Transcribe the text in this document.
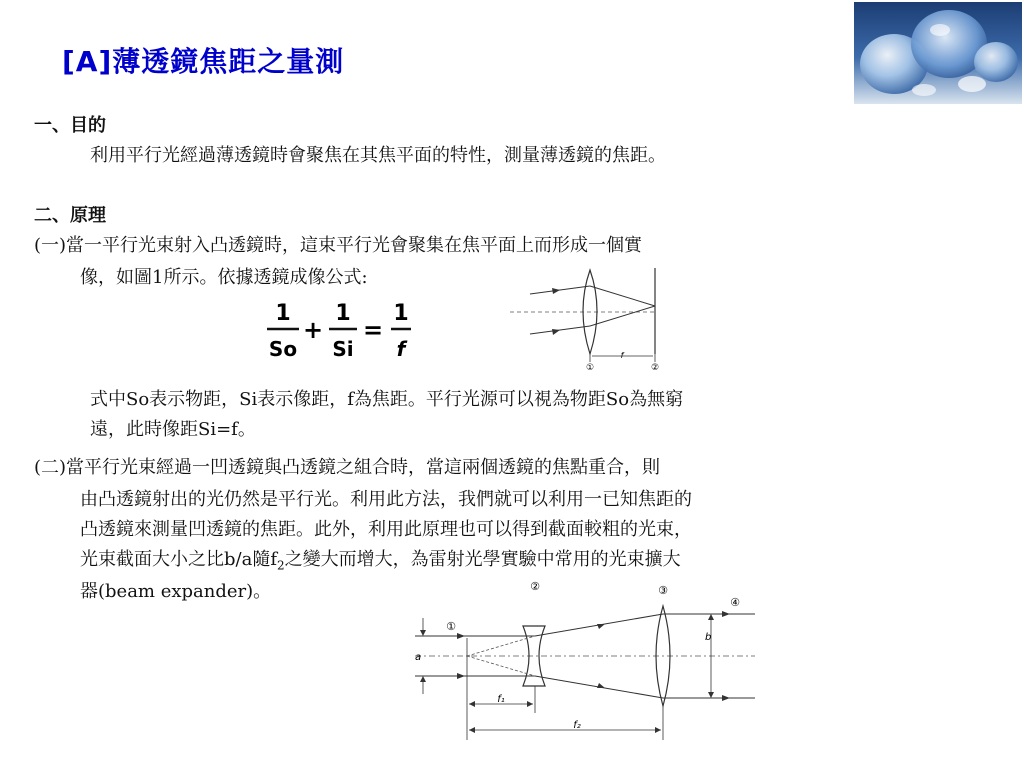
[A]薄透鏡焦距之量測
一、目的
利用平行光經過薄透鏡時會聚焦在其焦平面的特性，測量薄透鏡的焦距。
二、原理
(一)當一平行光束射入凸透鏡時，這束平行光會聚集在焦平面上而形成一個實
像，如圖1所示。依據透鏡成像公式:
1
So
+
1
Si
=
1
f	f
①	②
式中So表示物距，Si表示像距，f為焦距。平行光源可以視為物距So為無窮
遠，此時像距Si=f。
(二)當平行光束經過一凹透鏡與凸透鏡之組合時，當這兩個透鏡的焦點重合，則
由凸透鏡射出的光仍然是平行光。利用此方法，我們就可以利用一已知焦距的
凸透鏡來測量凹透鏡的焦距。此外，利用此原理也可以得到截面較粗的光束，
光束截面大小之比b/a隨$f_2$之變大而增大，為雷射光學實驗中常用的光束擴大
器(beam expander)。
a
b
f₁
f₂
①
②	③
④
